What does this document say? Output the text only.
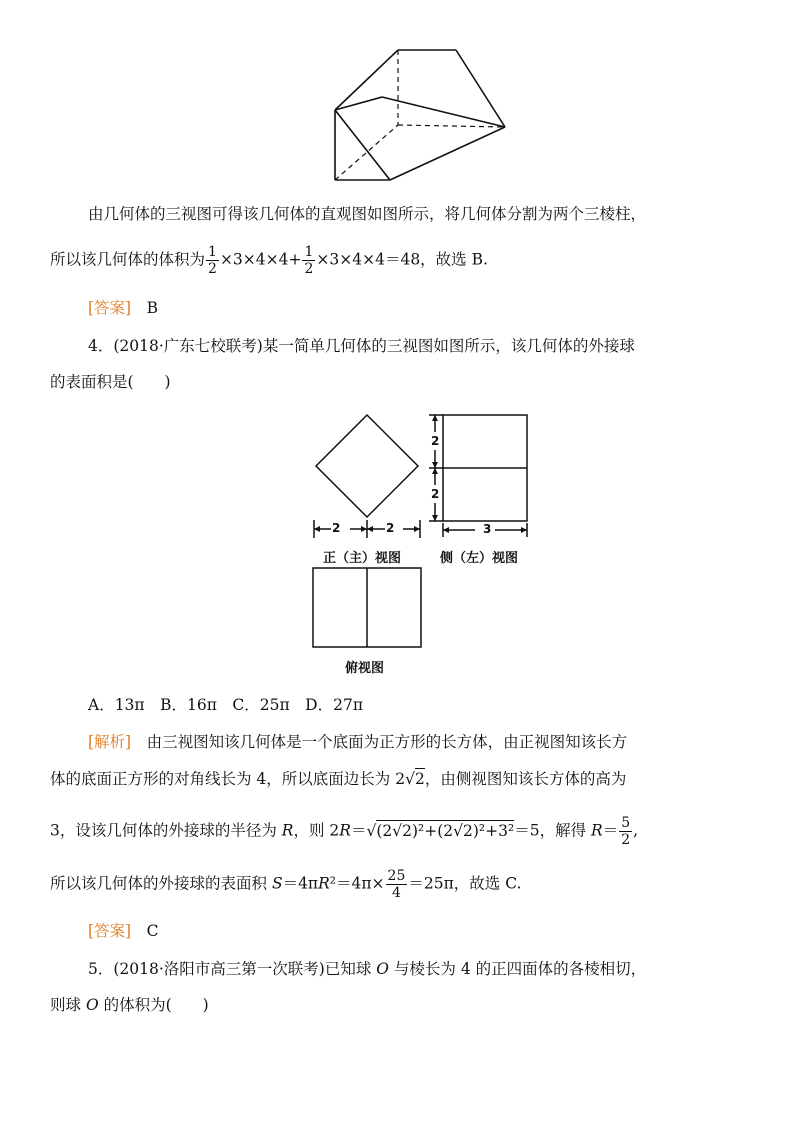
由几何体的三视图可得该几何体的直观图如图所示，将几何体分割为两个三棱柱，
所以该几何体的体积为 $\frac{1}{2} \times 3\times 4\times 4+ \frac{1}{2} \times 3\times 4\times 4=48$，故选 B.
[答案]　 B
4．(2018·广东七校联考)某一简单几何体的三视图如图所示，该几何体的外接球
的表面积是(　　)
2	2
正（主）视图
2
2
3
侧（左）视图
俯视图
A．13π　B．16π　C．25π　D．27π
[解析]　 由三视图知该几何体是一个底面为正方形的长方体，由正视图知该长方
体的底面正方形的对角线长为 4，所以底面边长为 2√2，由侧视图知该长方体的高为
3，设该几何体的外接球的半径为 R，则 2R＝√(2√2)²+(2√2)²+3²＝5，解得 $R= \frac{5}{2}$ ,
所以该几何体的外接球的表面积 $S=4\pi R^2=4\pi\times \frac{25}{4} =25\pi$，故选 C.
[答案]　 C
5．(2018·洛阳市高三第一次联考)已知球 O 与棱长为 4 的正四面体的各棱相切，
则球 O 的体积为(　　)
